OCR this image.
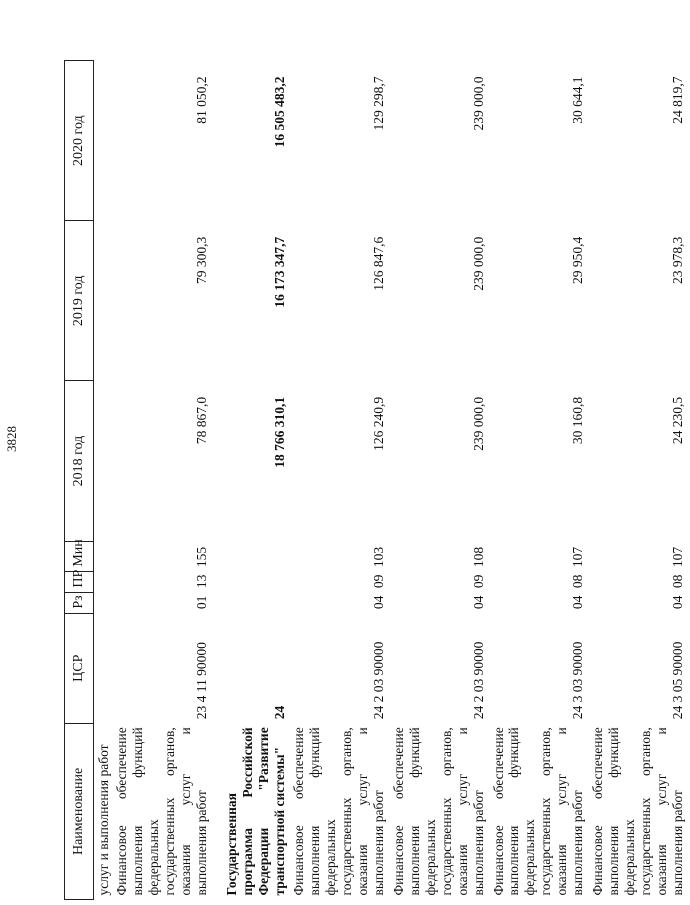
3828
Наименование	ЦСР	Рз	ПР	Мин	2018 год	2019 год	2020 год
услуг и выполнения работ							
Финансовое обеспечение выполнения функций федеральных государственных органов, оказания услуг и выполнения работ	23 4 11 90000	01	13	155	78 867,0	79 300,3	81 050,2
Государственная программа Российской Федерации "Развитие транспортной системы"	24				18 766 310,1	16 173 347,7	16 505 483,2
Финансовое обеспечение выполнения функций федеральных государственных органов, оказания услуг и выполнения работ	24 2 03 90000	04	09	103	126 240,9	126 847,6	129 298,7
Финансовое обеспечение выполнения функций федеральных государственных органов, оказания услуг и выполнения работ	24 2 03 90000	04	09	108	239 000,0	239 000,0	239 000,0
Финансовое обеспечение выполнения функций федеральных государственных органов, оказания услуг и выполнения работ	24 3 03 90000	04	08	107	30 160,8	29 950,4	30 644,1
Финансовое обеспечение выполнения функций федеральных государственных органов, оказания услуг и выполнения работ	24 3 05 90000	04	08	107	24 230,5	23 978,3	24 819,7
